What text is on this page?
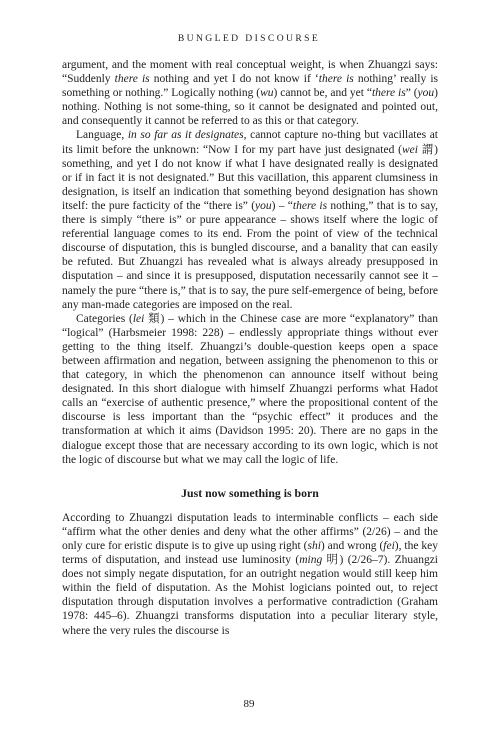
BUNGLED DISCOURSE

argument, and the moment with real conceptual weight, is when Zhuangzi says: “Suddenly there is nothing and yet I do not know if ‘there is nothing’ really is something or nothing.” Logically nothing (wu) cannot be, and yet “there is” (you) nothing. Nothing is not some-thing, so it cannot be designated and pointed out, and consequently it cannot be referred to as this or that category.

Language, in so far as it designates, cannot capture no-thing but vacillates at its limit before the unknown: “Now I for my part have just designated (wei 謂) something, and yet I do not know if what I have designated really is designated or if in fact it is not designated.” But this vacillation, this apparent clumsiness in designation, is itself an indication that something beyond designation has shown itself: the pure facticity of the “there is” (you) – “there is nothing,” that is to say, there is simply “there is” or pure appearance – shows itself where the logic of referential language comes to its end. From the point of view of the technical discourse of disputation, this is bungled discourse, and a banality that can easily be refuted. But Zhuangzi has revealed what is always already presupposed in disputation – and since it is presupposed, disputation necessarily cannot see it – namely the pure “there is,” that is to say, the pure self-emergence of being, before any man-made categories are imposed on the real.

Categories (lei 類) – which in the Chinese case are more “explanatory” than “logical” (Harbsmeier 1998: 228) – endlessly appropriate things without ever getting to the thing itself. Zhuangzi’s double-question keeps open a space between affirmation and negation, between assigning the phenomenon to this or that category, in which the phenomenon can announce itself without being designated. In this short dialogue with himself Zhuangzi performs what Hadot calls an “exercise of authentic presence,” where the propositional content of the discourse is less important than the “psychic effect” it produces and the transformation at which it aims (Davidson 1995: 20). There are no gaps in the dialogue except those that are necessary according to its own logic, which is not the logic of discourse but what we may call the logic of life.

Just now something is born

According to Zhuangzi disputation leads to interminable conflicts – each side “affirm what the other denies and deny what the other affirms” (2/26) – and the only cure for eristic dispute is to give up using right (shi) and wrong (fei), the key terms of disputation, and instead use luminosity (ming 明) (2/26–7). Zhuangzi does not simply negate disputation, for an outright negation would still keep him within the field of disputation. As the Mohist logicians pointed out, to reject disputation through disputation involves a performative contradiction (Graham 1978: 445–6). Zhuangzi transforms disputation into a peculiar literary style, where the very rules the discourse is

89
